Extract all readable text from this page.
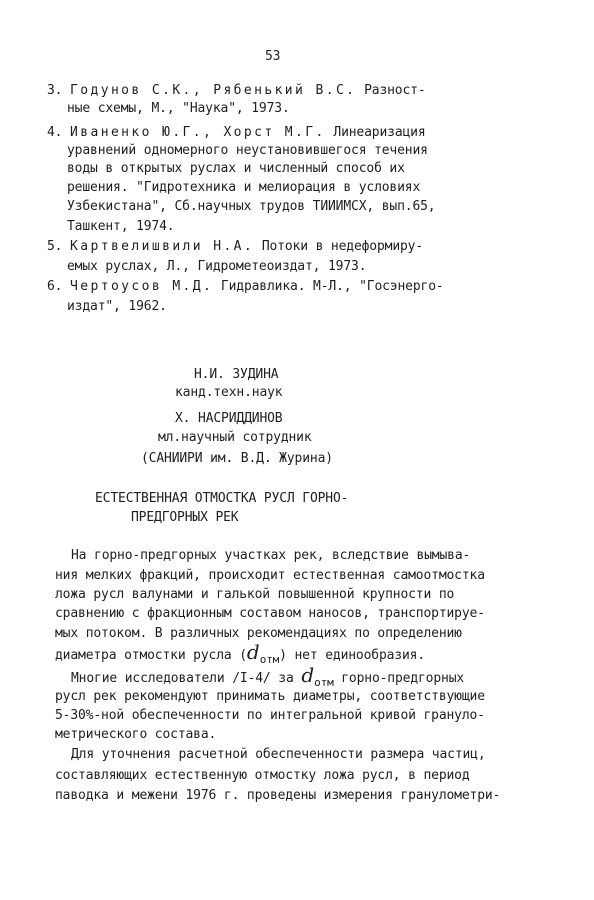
53
3. Годунов С.К., Рябенький В.С. Разност-
ные схемы, М., "Наука", 1973.
4. Иваненко Ю.Г., Хорст М.Г. Линеаризация
уравнений одномерного неустановившегося течения
воды в открытых руслах и численный способ их
решения. "Гидротехника и мелиорация в условиях
Узбекистана", Сб.научных трудов ТИИИМСХ, вып.65,
Ташкент, 1974.
5. Картвелишвили Н.А. Потоки в недеформиру-
емых руслах, Л., Гидрометеоиздат, 1973.
6. Чертоусов М.Д. Гидравлика. М-Л., "Госэнерго-
издат", 1962.
Н.И. ЗУДИНА
канд.техн.наук
Х. НАСРИДДИНОВ
мл.научный сотрудник
(САНИИРИ им. В.Д. Журина)
ЕСТЕСТВЕННАЯ ОТМОСТКА РУСЛ ГОРНО-
ПРЕДГОРНЫХ РЕК
На горно-предгорных участках рек, вследствие вымыва-
ния мелких фракций, происходит естественная самоотмостка
ложа русл валунами и галькой повышенной крупности по
сравнению с фракционным составом наносов, транспортируе-
мых потоком. В различных рекомендациях по определению
диаметра отмостки русла $(d_{отм})$ нет единообразия.
Многие исследователи /I-4/ за $d_{отм}$ горно-предгорных
русл рек рекомендуют принимать диаметры, соответствующие
5-30%-ной обеспеченности по интегральной кривой грануло-
метрического состава.
Для уточнения расчетной обеспеченности размера частиц,
составляющих естественную отмостку ложа русл, в период
паводка и межени 1976 г. проведены измерения гранулометри-
